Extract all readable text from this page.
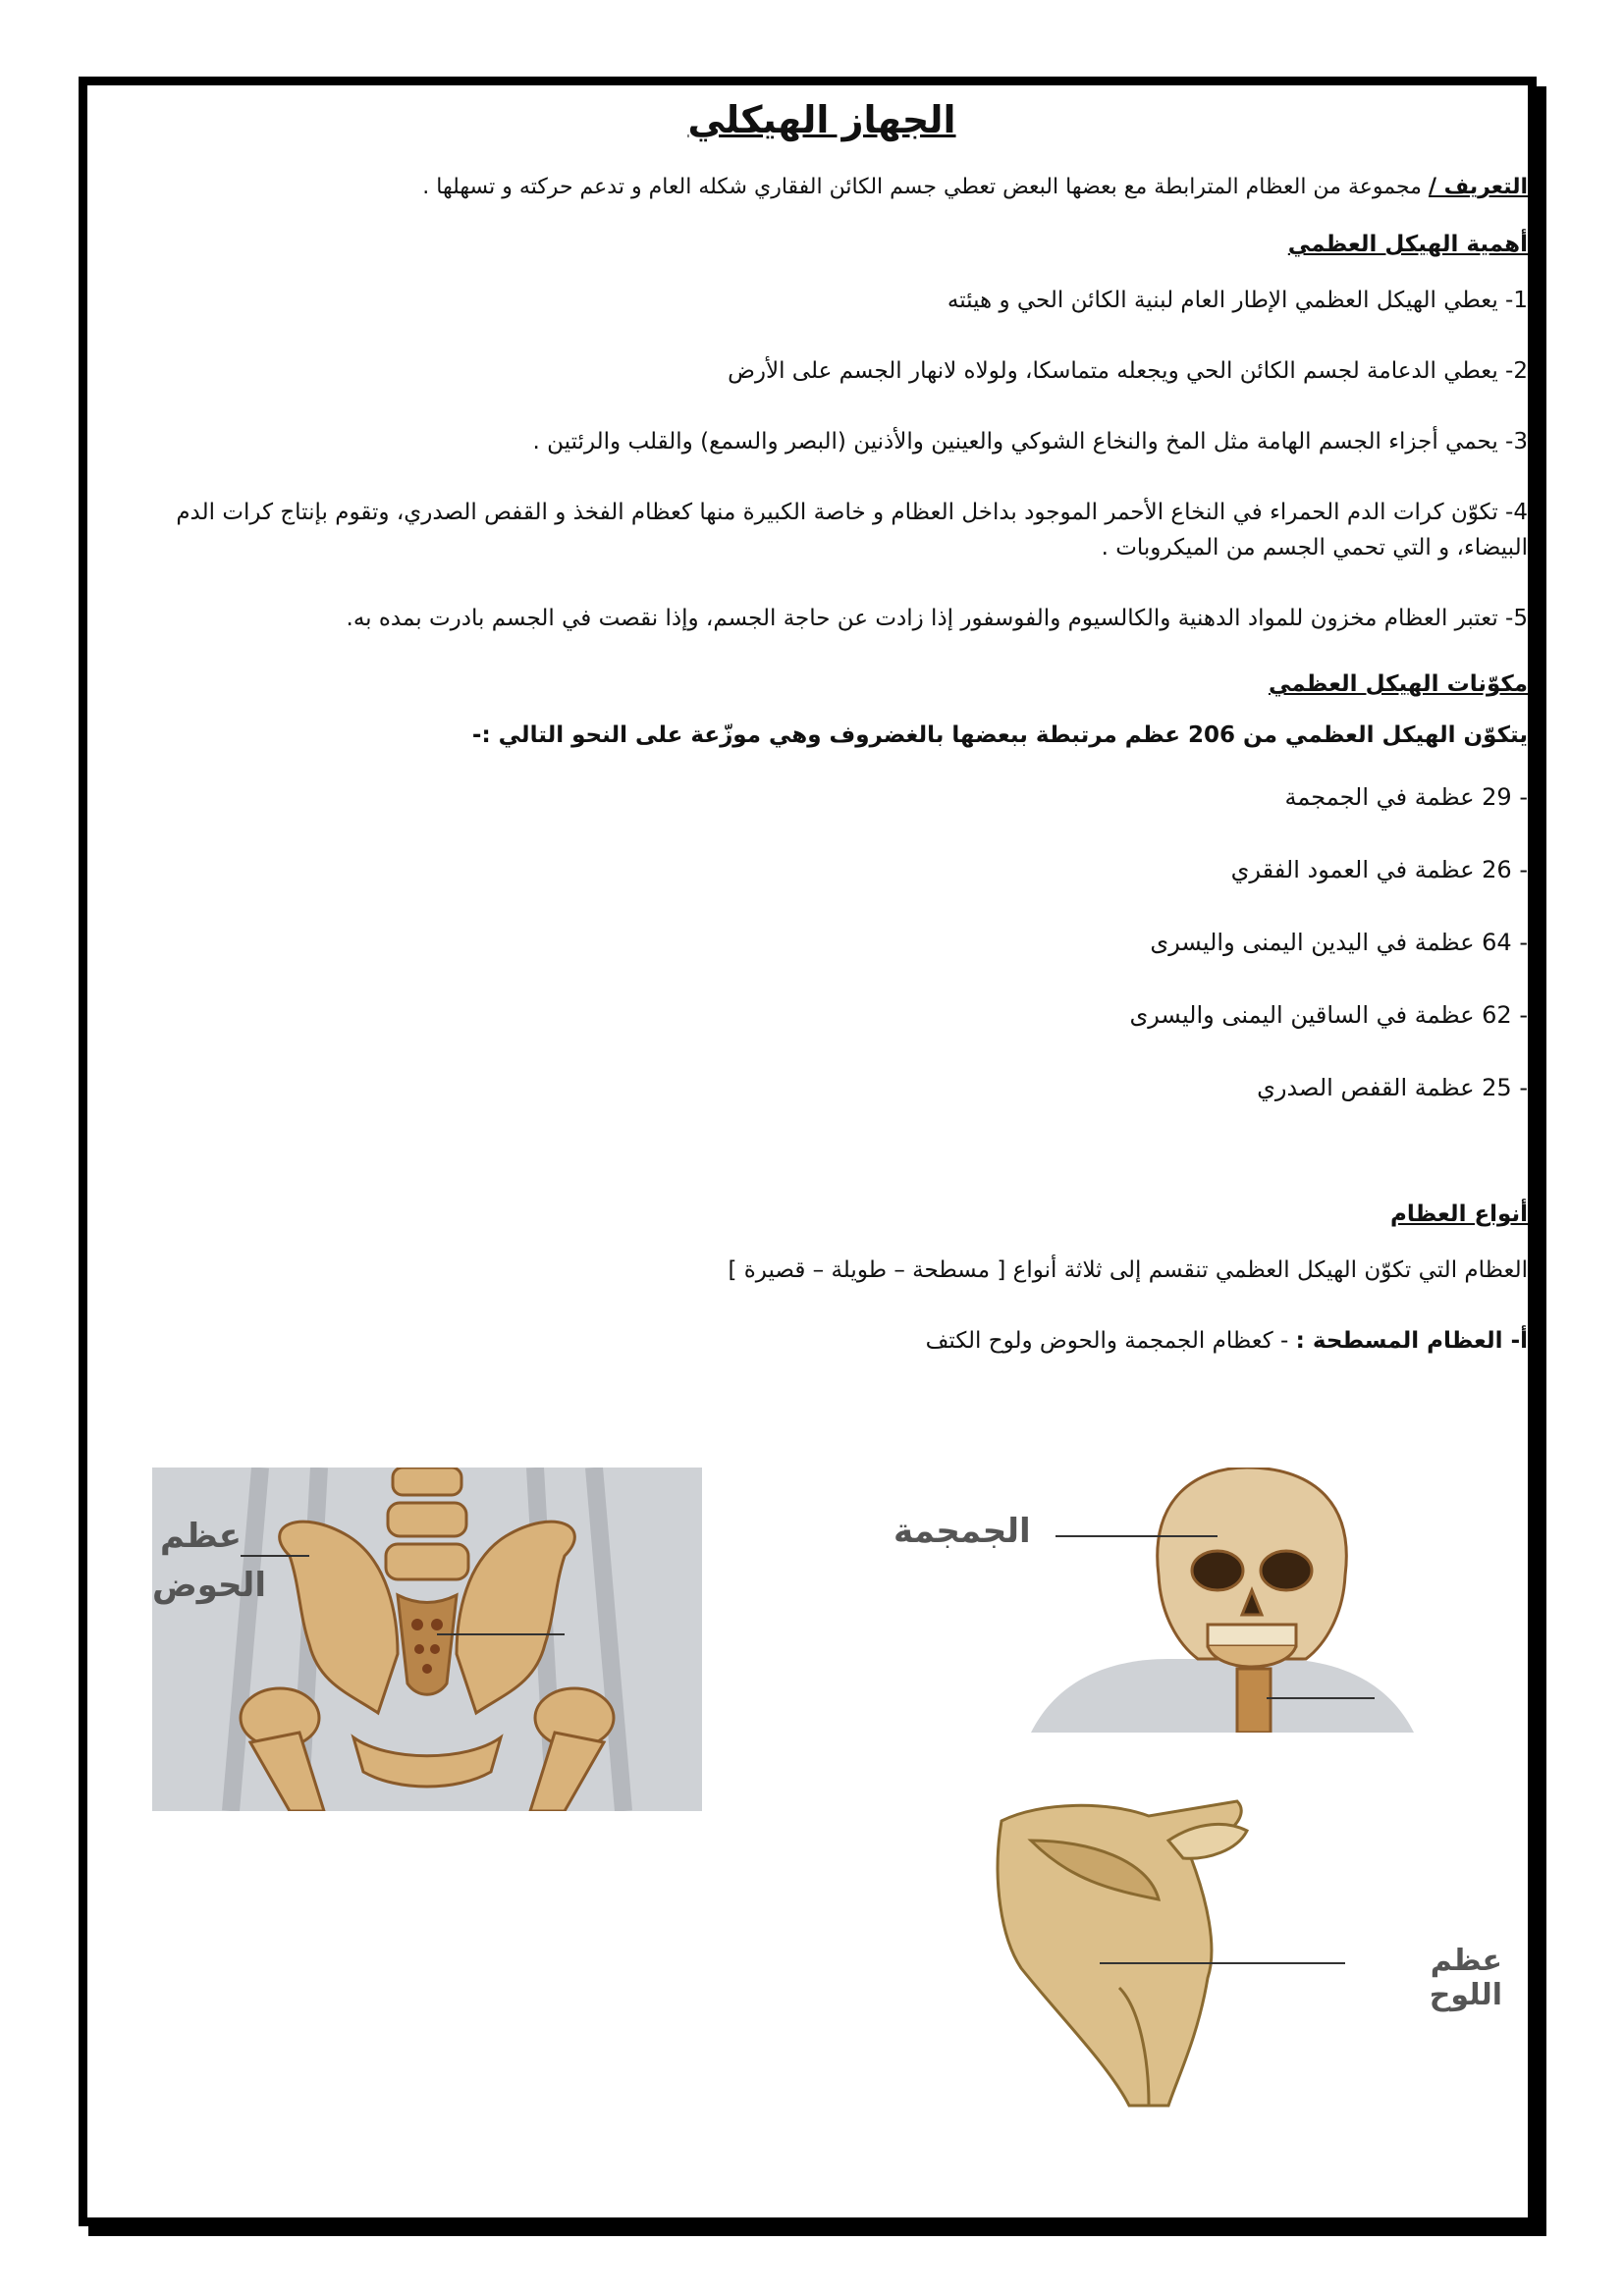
الجهاز الهيكلي

التعريف / مجموعة من العظام المترابطة مع بعضها البعض تعطي جسم الكائن الفقاري شكله العام و تدعم حركته و تسهلها .

أهمية الهيكل العظمي

1- يعطي الهيكل العظمي الإطار العام لبنية الكائن الحي و هيئته

2- يعطي الدعامة لجسم الكائن الحي ويجعله متماسكا، ولولاه لانهار الجسم على الأرض

3- يحمي أجزاء الجسم الهامة مثل المخ والنخاع الشوكي والعينين والأذنين (البصر والسمع) والقلب والرئتين .

4- تكوّن كرات الدم الحمراء في النخاع الأحمر الموجود بداخل العظام و خاصة الكبيرة منها كعظام الفخذ و القفص الصدري، وتقوم بإنتاج كرات الدم البيضاء، و التي تحمي الجسم من الميكروبات .

5- تعتبر العظام مخزون للمواد الدهنية والكالسيوم والفوسفور إذا زادت عن حاجة الجسم، وإذا نقصت في الجسم بادرت بمده به.

مكوّنات الهيكل العظمي

يتكوّن الهيكل العظمي من 206 عظم مرتبطة ببعضها بالغضروف وهي موزّعة على النحو التالي :-

- 29 عظمة في الجمجمة

- 26 عظمة في العمود الفقري

- 64 عظمة في اليدين اليمنى واليسرى

- 62 عظمة في الساقين اليمنى واليسرى

- 25 عظمة القفص الصدري

أنواع العظام

العظام التي تكوّن الهيكل العظمي تنقسم إلى ثلاثة أنواع [ مسطحة – طويلة – قصيرة ]

أ- العظام المسطحة : - كعظام الجمجمة والحوض ولوح الكتف

عظم
الحوض
الجمجمة
عظم اللوح
